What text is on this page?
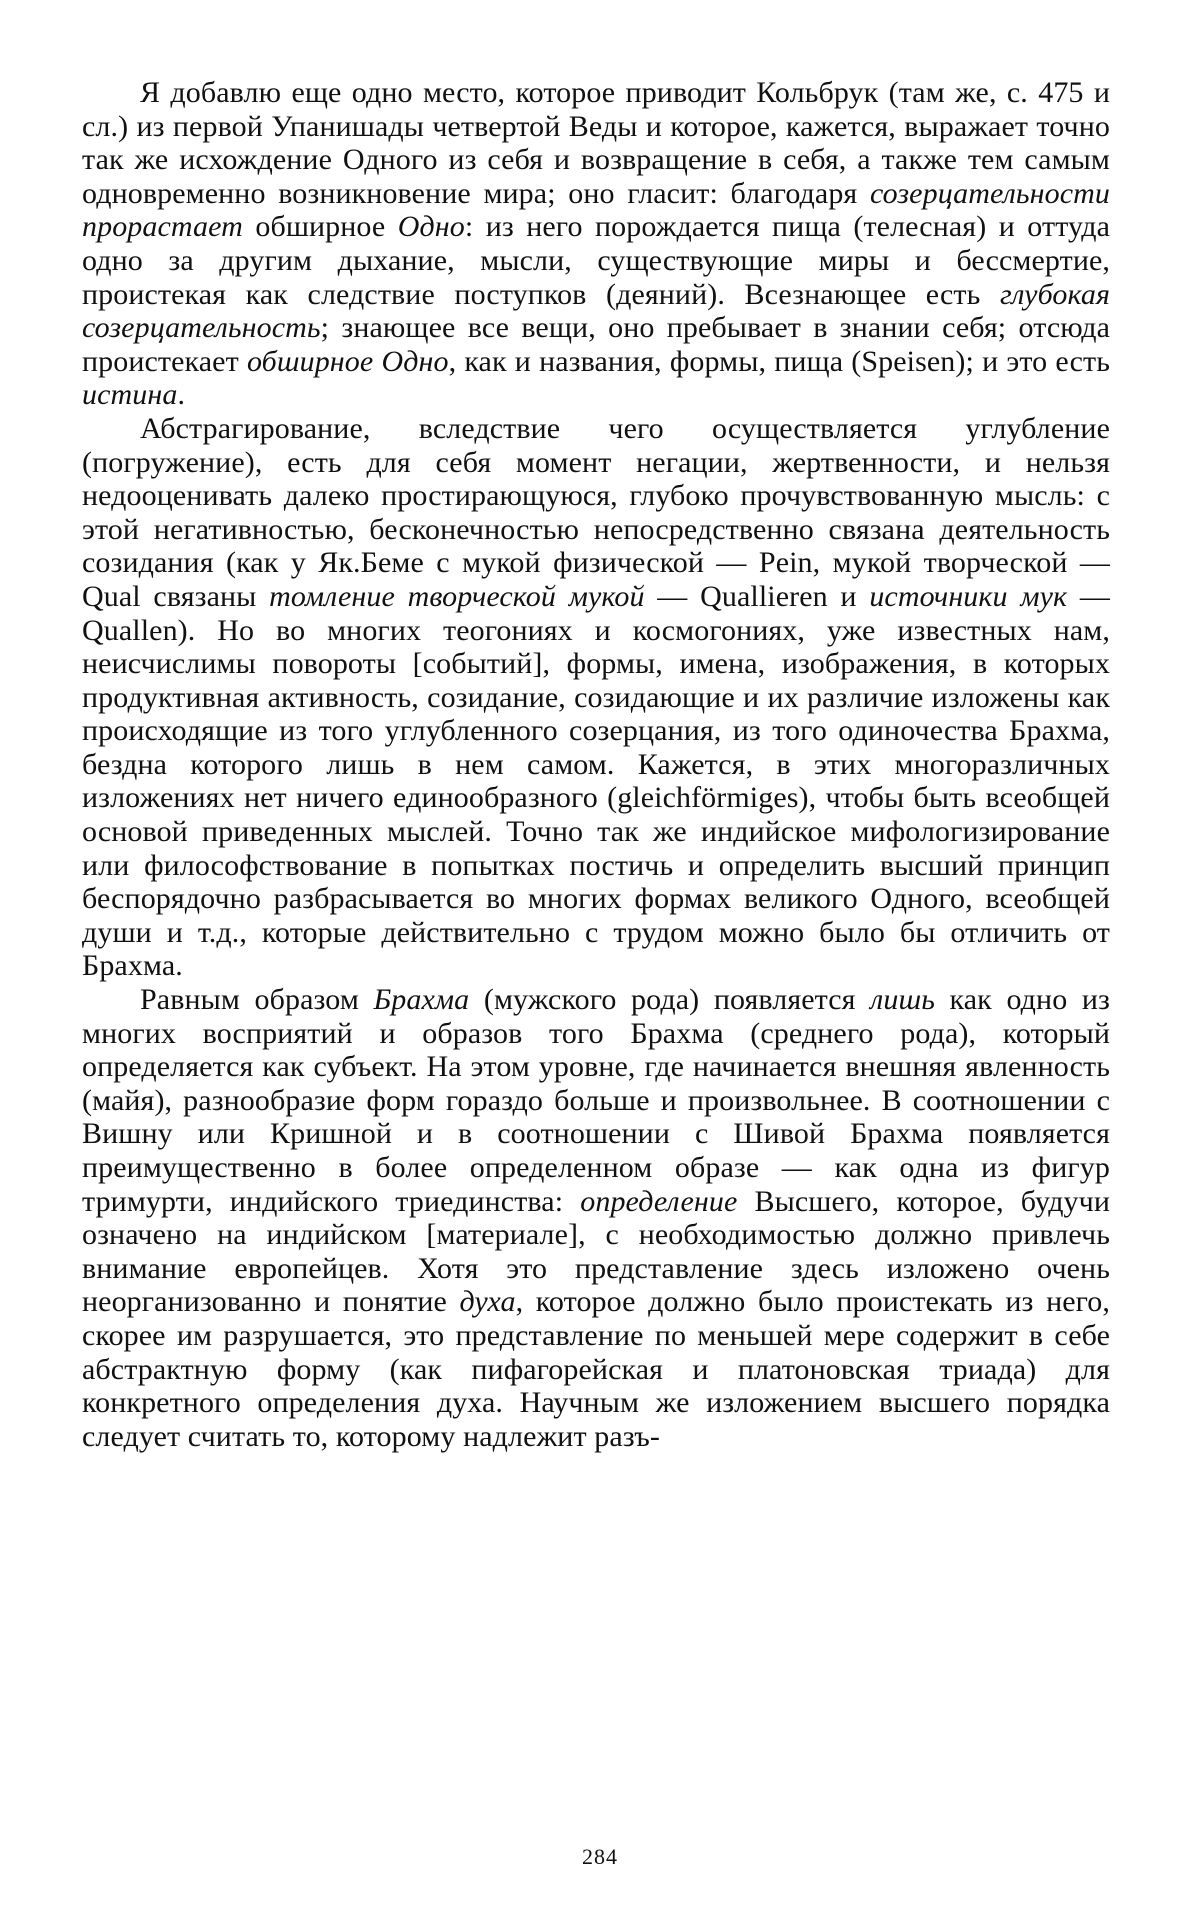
Я добавлю еще одно место, которое приводит Кольбрук (там же, с. 475 и сл.) из первой Упанишады четвертой Веды и которое, кажется, выражает точно так же исхождение Одного из себя и возвращение в себя, а также тем самым одновременно возникновение мира; оно гласит: благодаря созерцательности прорастает обширное Одно: из него порождается пища (телесная) и оттуда одно за другим дыхание, мысли, существующие миры и бессмертие, проистекая как следствие поступков (деяний). Всезнающее есть глубокая созерцательность; знающее все вещи, оно пребывает в знании себя; отсюда проистекает обширное Одно, как и названия, формы, пища (Speisen); и это есть истина.

Абстрагирование, вследствие чего осуществляется углубление (погружение), есть для себя момент негации, жертвенности, и нельзя недооценивать далеко простирающуюся, глубоко прочувствованную мысль: с этой негативностью, бесконечностью непосредственно связана деятельность созидания (как у Як.Беме с мукой физической — Pein, мукой творческой — Qual связаны томление творческой мукой — Quallieren и источники мук — Quallen). Но во многих теогониях и космогониях, уже известных нам, неисчислимы повороты [событий], формы, имена, изображения, в которых продуктивная активность, созидание, созидающие и их различие изложены как происходящие из того углубленного созерцания, из того одиночества Брахма, бездна которого лишь в нем самом. Кажется, в этих многоразличных изложениях нет ничего единообразного (gleichförmiges), чтобы быть всеобщей основой приведенных мыслей. Точно так же индийское мифологизирование или философствование в попытках постичь и определить высший принцип беспорядочно разбрасывается во многих формах великого Одного, всеобщей души и т.д., которые действительно с трудом можно было бы отличить от Брахма.

Равным образом Брахма (мужского рода) появляется лишь как одно из многих восприятий и образов того Брахма (среднего рода), который определяется как субъект. На этом уровне, где начинается внешняя явленность (майя), разнообразие форм гораздо больше и произвольнее. В соотношении с Вишну или Кришной и в соотношении с Шивой Брахма появляется преимущественно в более определенном образе — как одна из фигур тримурти, индийского триединства: определение Высшего, которое, будучи означено на индийском [материале], с необходимостью должно привлечь внимание европейцев. Хотя это представление здесь изложено очень неорганизованно и понятие духа, которое должно было проистекать из него, скорее им разрушается, это представление по меньшей мере содержит в себе абстрактную форму (как пифагорейская и платоновская триада) для конкретного определения духа. Научным же изложением высшего порядка следует считать то, которому надлежит разъ-

284
